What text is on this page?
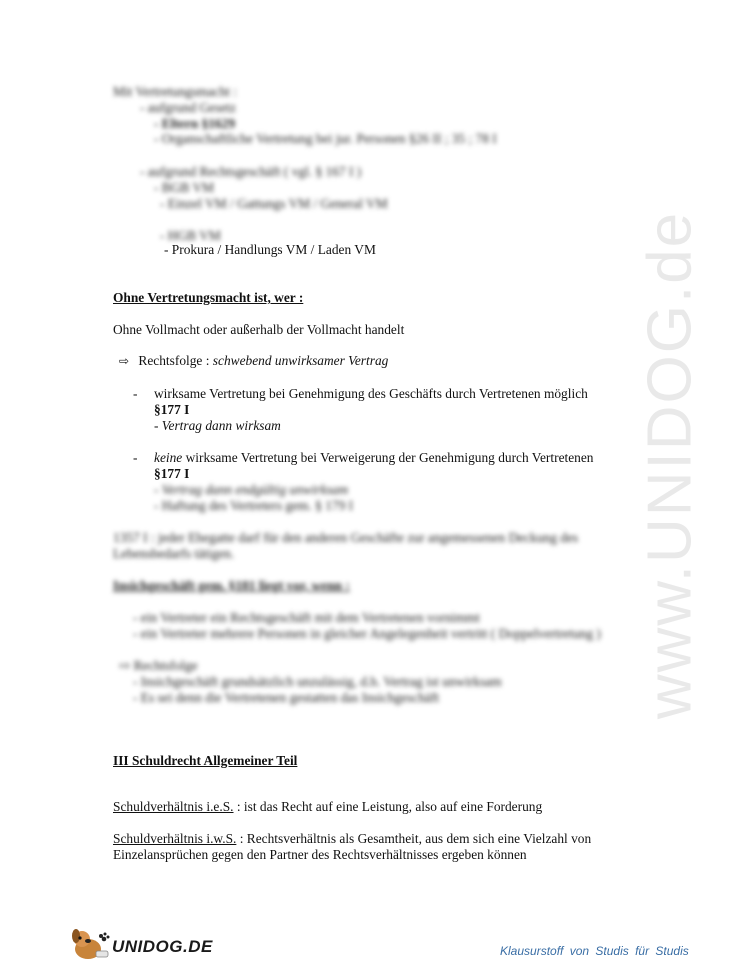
www.UNIDOG.de
Mit Vertretungsmacht :
- aufgrund Gesetz
- Eltern §1629
- Organschaftliche Vertretung bei jur. Personen §26 II ; 35 ; 78 I
- aufgrund Rechtsgeschäft ( vgl. § 167 I )
- BGB VM
- Einzel VM / Gattungs VM / General VM
- HGB VM
- Prokura / Handlungs VM / Laden VM
Ohne Vertretungsmacht ist, wer :
Ohne Vollmacht oder außerhalb der Vollmacht handelt
⇨ Rechtsfolge : schwebend unwirksamer Vertrag
- wirksame Vertretung bei Genehmigung des Geschäfts durch Vertretenen möglich
§177 I
- Vertrag dann wirksam
- keine wirksame Vertretung bei Verweigerung der Genehmigung durch Vertretenen
§177 I
- Vertrag dann endgültig unwirksam
- Haftung des Vertreters gem. § 179 I
1357 I : jeder Ehegatte darf für den anderen Geschäfte zur angemessenen Deckung des
Lebensbedarfs tätigen.
Insichgeschäft gem. §181 liegt vor, wenn :
- ein Vertreter ein Rechtsgeschäft mit dem Vertretenen vornimmt
- ein Vertreter mehrere Personen in gleicher Angelegenheit vertritt ( Doppelvertretung )
⇨ Rechtsfolge
- Insichgeschäft grundsätzlich unzulässig, d.h. Vertrag ist unwirksam
- Es sei denn die Vertretenen gestatten das Insichgeschäft
III Schuldrecht Allgemeiner Teil
Schuldverhältnis i.e.S. : ist das Recht auf eine Leistung, also auf eine Forderung
Schuldverhältnis i.w.S. : Rechtsverhältnis als Gesamtheit, aus dem sich eine Vielzahl von
Einzelansprüchen gegen den Partner des Rechtsverhältnisses ergeben können
UNIDOG.DE	Klausurstoff von Studis für Studis
